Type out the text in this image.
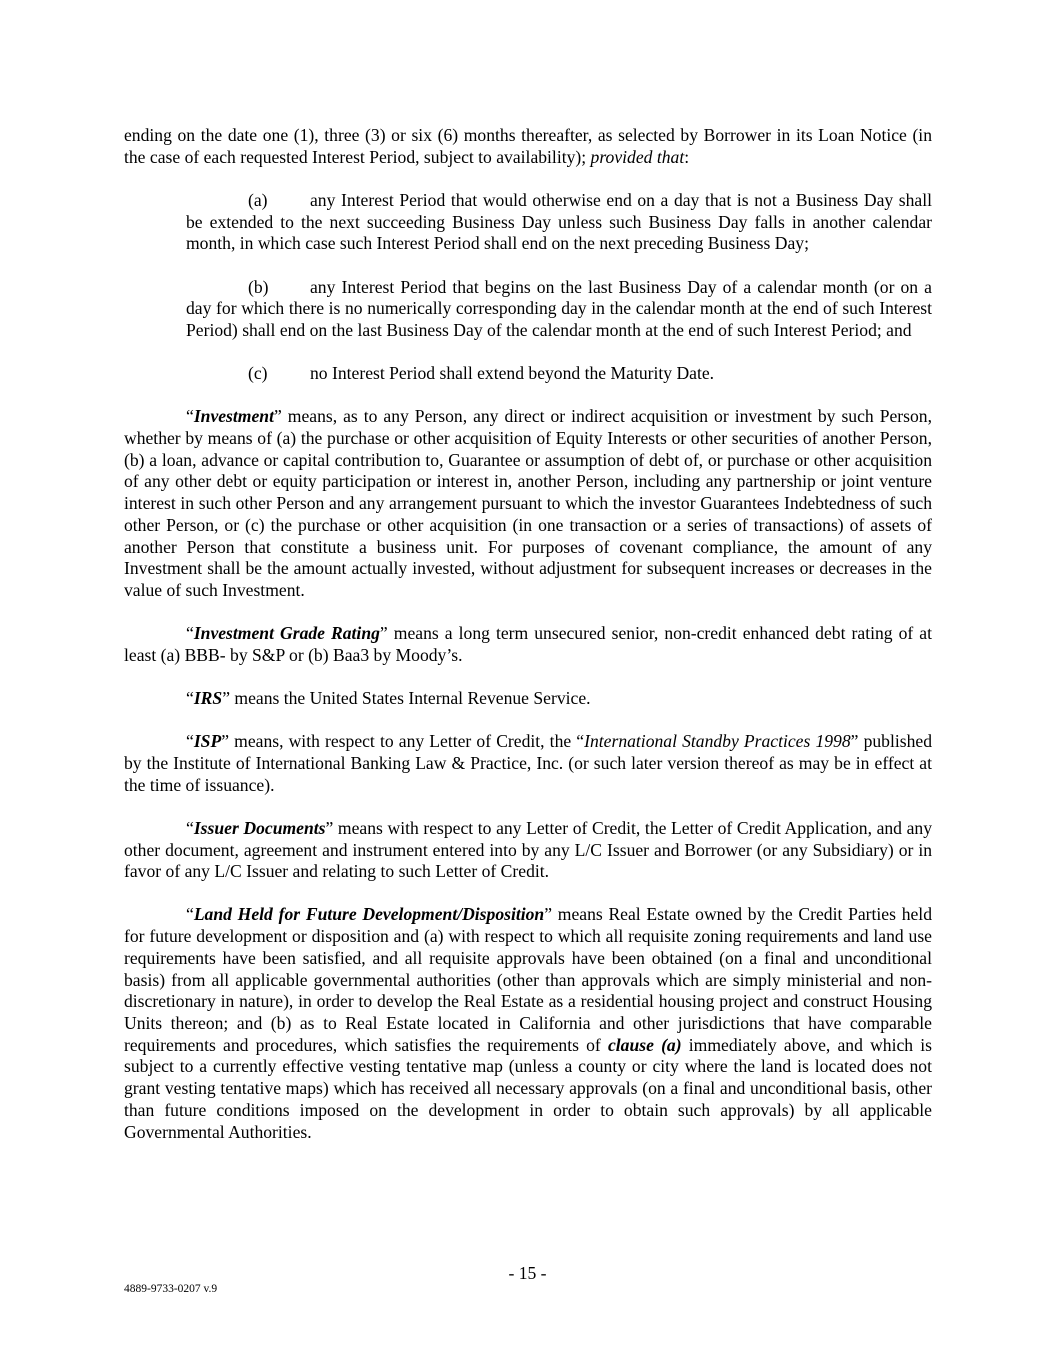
ending on the date one (1), three (3) or six (6) months thereafter, as selected by Borrower in its Loan Notice (in the case of each requested Interest Period, subject to availability); provided that:

(a) any Interest Period that would otherwise end on a day that is not a Business Day shall be extended to the next succeeding Business Day unless such Business Day falls in another calendar month, in which case such Interest Period shall end on the next preceding Business Day;

(b) any Interest Period that begins on the last Business Day of a calendar month (or on a day for which there is no numerically corresponding day in the calendar month at the end of such Interest Period) shall end on the last Business Day of the calendar month at the end of such Interest Period; and

(c) no Interest Period shall extend beyond the Maturity Date.

“Investment” means, as to any Person, any direct or indirect acquisition or investment by such Person, whether by means of (a) the purchase or other acquisition of Equity Interests or other securities of another Person, (b) a loan, advance or capital contribution to, Guarantee or assumption of debt of, or purchase or other acquisition of any other debt or equity participation or interest in, another Person, including any partnership or joint venture interest in such other Person and any arrangement pursuant to which the investor Guarantees Indebtedness of such other Person, or (c) the purchase or other acquisition (in one transaction or a series of transactions) of assets of another Person that constitute a business unit. For purposes of covenant compliance, the amount of any Investment shall be the amount actually invested, without adjustment for subsequent increases or decreases in the value of such Investment.

“Investment Grade Rating” means a long term unsecured senior, non-credit enhanced debt rating of at least (a) BBB- by S&P or (b) Baa3 by Moody’s.

“IRS” means the United States Internal Revenue Service.

“ISP” means, with respect to any Letter of Credit, the “International Standby Practices 1998” published by the Institute of International Banking Law & Practice, Inc. (or such later version thereof as may be in effect at the time of issuance).

“Issuer Documents” means with respect to any Letter of Credit, the Letter of Credit Application, and any other document, agreement and instrument entered into by any L/C Issuer and Borrower (or any Subsidiary) or in favor of any L/C Issuer and relating to such Letter of Credit.

“Land Held for Future Development/Disposition” means Real Estate owned by the Credit Parties held for future development or disposition and (a) with respect to which all requisite zoning requirements and land use requirements have been satisfied, and all requisite approvals have been obtained (on a final and unconditional basis) from all applicable governmental authorities (other than approvals which are simply ministerial and non-discretionary in nature), in order to develop the Real Estate as a residential housing project and construct Housing Units thereon; and (b) as to Real Estate located in California and other jurisdictions that have comparable requirements and procedures, which satisfies the requirements of clause (a) immediately above, and which is subject to a currently effective vesting tentative map (unless a county or city where the land is located does not grant vesting tentative maps) which has received all necessary approvals (on a final and unconditional basis, other than future conditions imposed on the development in order to obtain such approvals) by all applicable Governmental Authorities.

- 15 -
4889-9733-0207 v.9
